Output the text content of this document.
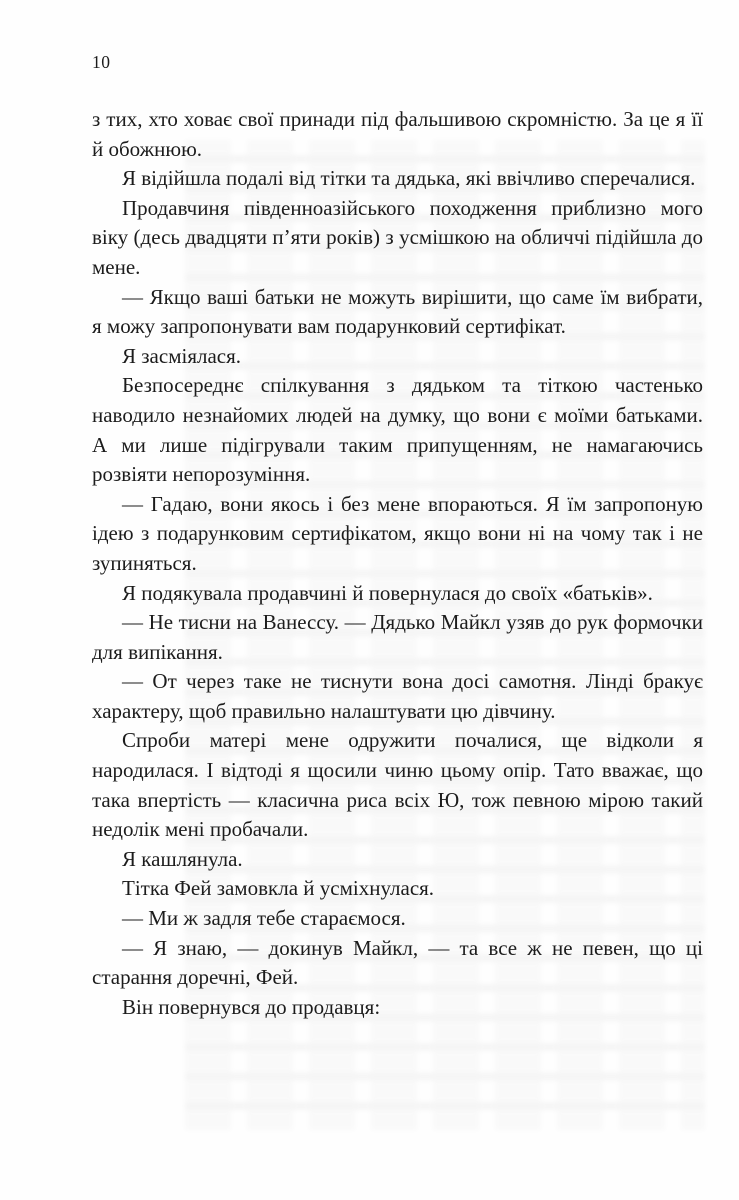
10

з тих, хто ховає свої принади під фальшивою скромністю. За це я її й обожнюю.

Я відійшла подалі від тітки та дядька, які ввічливо сперечалися.

Продавчиня південноазійського походження приблизно мого віку (десь двадцяти п’яти років) з усмішкою на обличчі підійшла до мене.

— Якщо ваші батьки не можуть вирішити, що саме їм вибрати, я можу запропонувати вам подарунковий сертифікат.

Я засміялася.

Безпосереднє спілкування з дядьком та тіткою частенько наводило незнайомих людей на думку, що вони є моїми батьками. А ми лише підігрували таким припущенням, не намагаючись розвіяти непорозуміння.

— Гадаю, вони якось і без мене впораються. Я їм запропоную ідею з подарунковим сертифікатом, якщо вони ні на чому так і не зупиняться.

Я подякувала продавчині й повернулася до своїх «батьків».

— Не тисни на Ванессу. — Дядько Майкл узяв до рук формочки для випікання.

— От через таке не тиснути вона досі самотня. Лінді бракує характеру, щоб правильно налаштувати цю дівчину.

Спроби матері мене одружити почалися, ще відколи я народилася. І відтоді я щосили чиню цьому опір. Тато вважає, що така впертість — класична риса всіх Ю, тож певною мірою такий недолік мені пробачали.

Я кашлянула.

Тітка Фей замовкла й усміхнулася.

— Ми ж задля тебе стараємося.

— Я знаю, — докинув Майкл, — та все ж не певен, що ці старання доречні, Фей.

Він повернувся до продавця:
